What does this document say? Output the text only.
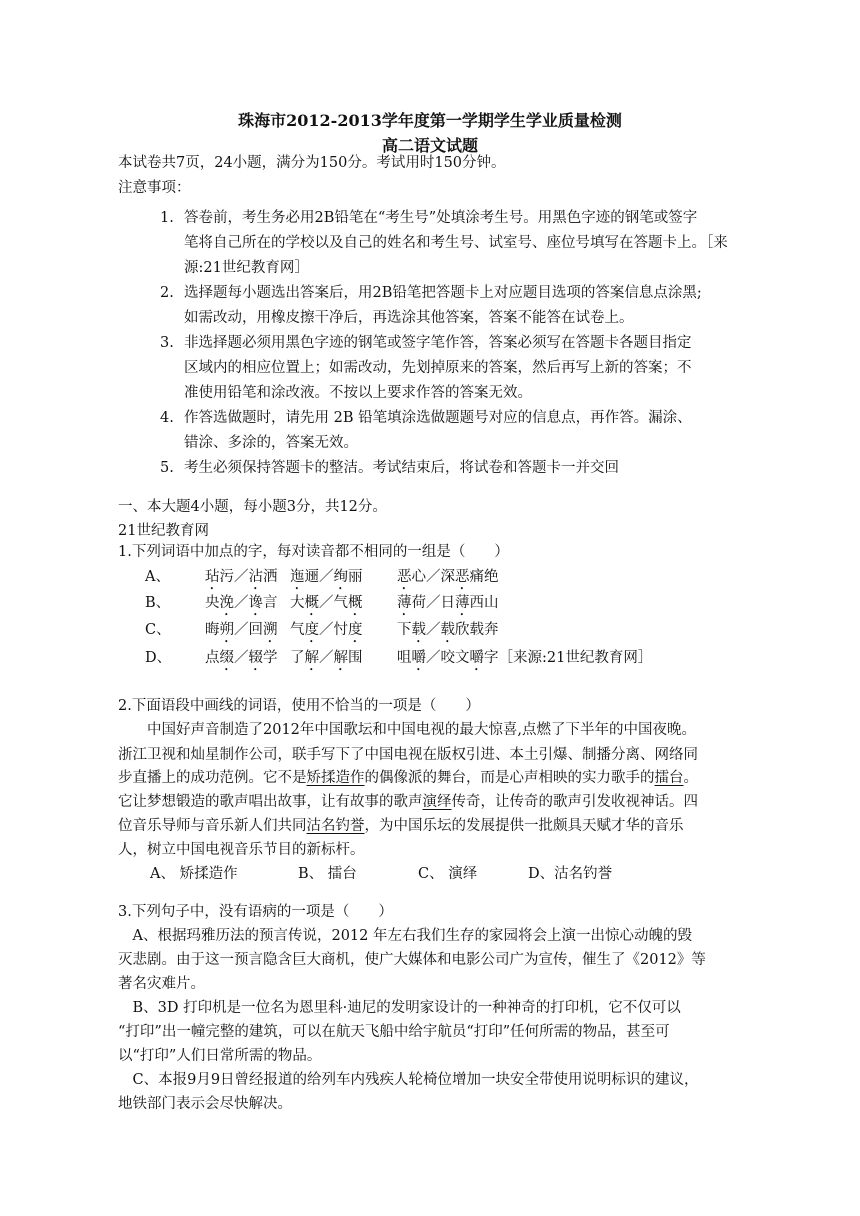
珠海市2012-2013学年度第一学期学生学业质量检测
高二语文试题
本试卷共7页，24小题，满分为150分。考试用时150分钟。
注意事项：
1. 答卷前，考生务必用2B铅笔在“考生号”处填涂考生号。用黑色字迹的钢笔或签字
笔将自己所在的学校以及自己的姓名和考生号、试室号、座位号填写在答题卡上。［来
源:21世纪教育网］
2. 选择题每小题选出答案后，用2B铅笔把答题卡上对应题目选项的答案信息点涂黑;
如需改动，用橡皮擦干净后，再选涂其他答案，答案不能答在试卷上。
3. 非选择题必须用黑色字迹的钢笔或签字笔作答，答案必须写在答题卡各题目指定
区域内的相应位置上；如需改动，先划掉原来的答案，然后再写上新的答案；不
准使用铅笔和涂改液。不按以上要求作答的答案无效。
4. 作答选做题时，请先用 2B 铅笔填涂选做题题号对应的信息点，再作答。漏涂、
错涂、多涂的，答案无效。
5. 考生必须保持答题卡的整洁。考试结束后，将试卷和答题卡一并交回
一、本大题4小题，每小题3分，共12分。
21世纪教育网
1.下列词语中加点的字，每对读音都不相同的一组是（　　）
A、 玷污／沾洒 迤逦／绚丽 恶心／深恶痛绝
B、 央浼／谗言 大概／气概 薄荷／日薄西山
C、 晦朔／回溯 气度／忖度 下载／载欣载奔
D、 点缀／辍学 了解／解围 咀嚼／咬文嚼字［来源:21世纪教育网］
2.下面语段中画线的词语，使用不恰当的一项是（　　）
　　中国好声音制造了2012年中国歌坛和中国电视的最大惊喜,点燃了下半年的中国夜晚。
浙江卫视和灿星制作公司，联手写下了中国电视在版权引进、本土引爆、制播分离、网络同
步直播上的成功范例。它不是矫揉造作的偶像派的舞台，而是心声相映的实力歌手的擂台。
它让梦想锻造的歌声唱出故事，让有故事的歌声演绎传奇，让传奇的歌声引发收视神话。四
位音乐导师与音乐新人们共同沽名钓誉，为中国乐坛的发展提供一批颇具天赋才华的音乐
人，树立中国电视音乐节目的新标杆。
A、 矫揉造作	B、 擂台	C、 演绎	D、沽名钓誉
3.下列句子中，没有语病的一项是（　　）
　A、根据玛雅历法的预言传说，2012 年左右我们生存的家园将会上演一出惊心动魄的毁
灭悲剧。由于这一预言隐含巨大商机，使广大媒体和电影公司广为宣传，催生了《2012》等
著名灾难片。
　B、3D 打印机是一位名为恩里科·迪尼的发明家设计的一种神奇的打印机，它不仅可以
“打印”出一幢完整的建筑，可以在航天飞船中给宇航员“打印”任何所需的物品，甚至可
以“打印”人们日常所需的物品。
　C、本报9月9日曾经报道的给列车内残疾人轮椅位增加一块安全带使用说明标识的建议，
地铁部门表示会尽快解决。
